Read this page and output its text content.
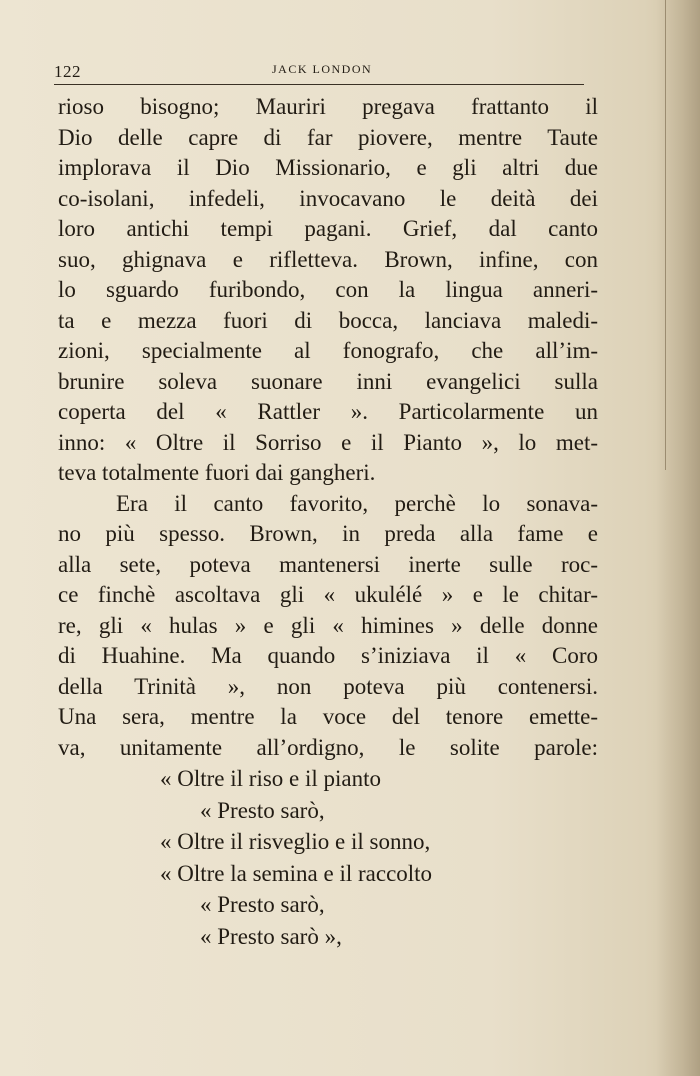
122	JACK LONDON
rioso bisogno; Mauriri pregava frattanto il
Dio delle capre di far piovere, mentre Taute
implorava il Dio Missionario, e gli altri due
co-isolani, infedeli, invocavano le deità dei
loro antichi tempi pagani. Grief, dal canto
suo, ghignava e rifletteva. Brown, infine, con
lo sguardo furibondo, con la lingua anneri-
ta e mezza fuori di bocca, lanciava maledi-
zioni, specialmente al fonografo, che all’im-
brunire soleva suonare inni evangelici sulla
coperta del « Rattler ». Particolarmente un
inno: « Oltre il Sorriso e il Pianto », lo met-
teva totalmente fuori dai gangheri.
Era il canto favorito, perchè lo sonava-
no più spesso. Brown, in preda alla fame e
alla sete, poteva mantenersi inerte sulle roc-
ce finchè ascoltava gli « ukulélé » e le chitar-
re, gli « hulas » e gli « himines » delle donne
di Huahine. Ma quando s’iniziava il « Coro
della Trinità », non poteva più contenersi.
Una sera, mentre la voce del tenore emette-
va, unitamente all’ordigno, le solite parole:
« Oltre il riso e il pianto
« Presto sarò,
« Oltre il risveglio e il sonno,
« Oltre la semina e il raccolto
« Presto sarò,
« Presto sarò »,
